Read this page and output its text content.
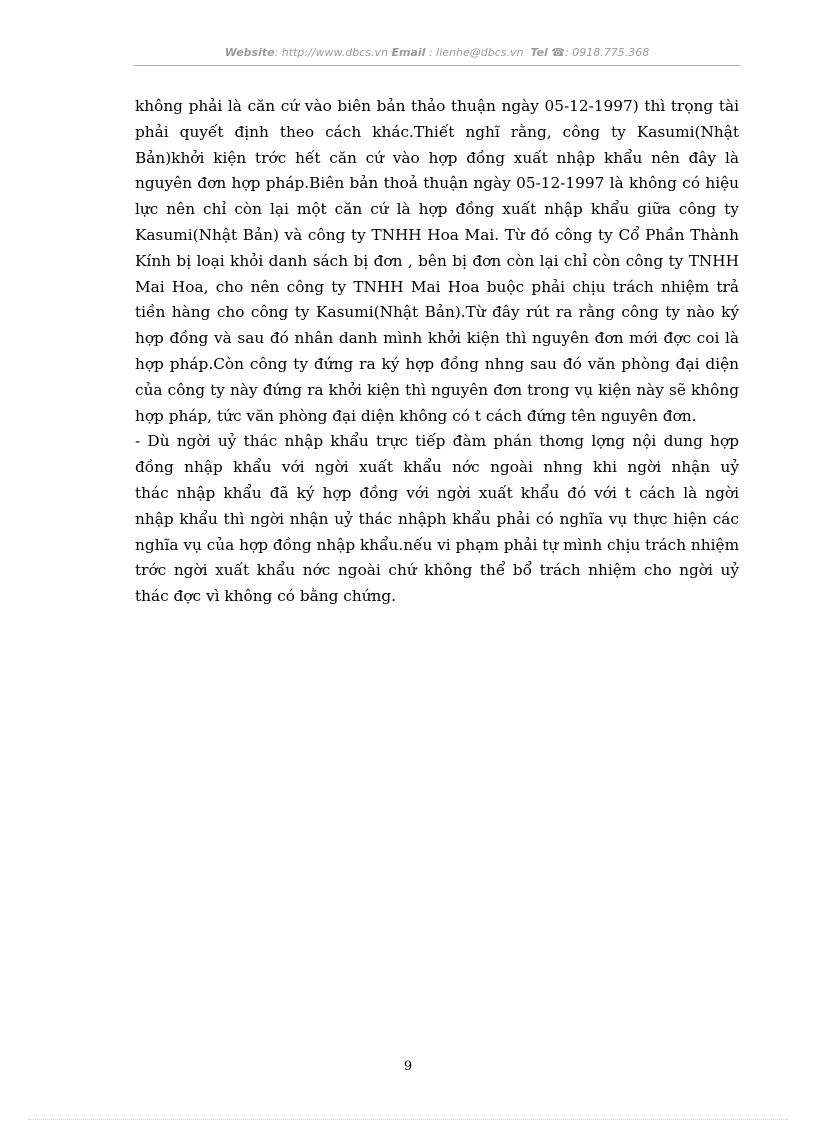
Website: http://www.dbcs.vn Email : lienhe@dbcs.vn Tel ☎: 0918.775.368
không phải là căn cứ vào biên bản thảo thuận ngày 05-12-1997) thì trọng tài
phải quyết định theo cách khác.Thiết nghĩ rằng, công ty Kasumi(Nhật
Bản)khởi kiện trớc hết căn cứ vào hợp đồng xuất nhập khẩu nên đây là
nguyên đơn hợp pháp.Biên bản thoả thuận ngày 05-12-1997 là không có hiệu
lực nên chỉ còn lại một căn cứ là hợp đồng xuất nhập khẩu giữa công ty
Kasumi(Nhật Bản) và công ty TNHH Hoa Mai. Từ đó công ty Cổ Phần Thành
Kính bị loại khỏi danh sách bị đơn , bên bị đơn còn lại chỉ còn công ty TNHH
Mai Hoa, cho nên công ty TNHH Mai Hoa buộc phải chịu trách nhiệm trả
tiền hàng cho công ty Kasumi(Nhật Bản).Từ đây rút ra rằng công ty nào ký
hợp đồng và sau đó nhân danh mình khởi kiện thì nguyên đơn mới đợc coi là
hợp pháp.Còn công ty đứng ra ký hợp đồng nhng sau đó văn phòng đại diện
của công ty này đứng ra khởi kiện thì nguyên đơn trong vụ kiện này sẽ không
hợp pháp, tức văn phòng đại diện không có t cách đứng tên nguyên đơn.
- Dù ngời uỷ thác nhập khẩu trực tiếp đàm phán thơng lợng nội dung hợp
đồng nhập khẩu với ngời xuất khẩu nớc ngoài nhng khi ngời nhận uỷ
thác nhập khẩu đã ký hợp đồng với ngời xuất khẩu đó với t cách là ngời
nhập khẩu thì ngời nhận uỷ thác nhậph khẩu phải có nghĩa vụ thực hiện các
nghĩa vụ của hợp đồng nhập khẩu.nếu vi phạm phải tự mình chịu trách nhiệm
trớc ngời xuất khẩu nớc ngoài chứ không thể bổ trách nhiệm cho ngời uỷ
thác đợc vì không có bằng chứng.
9
